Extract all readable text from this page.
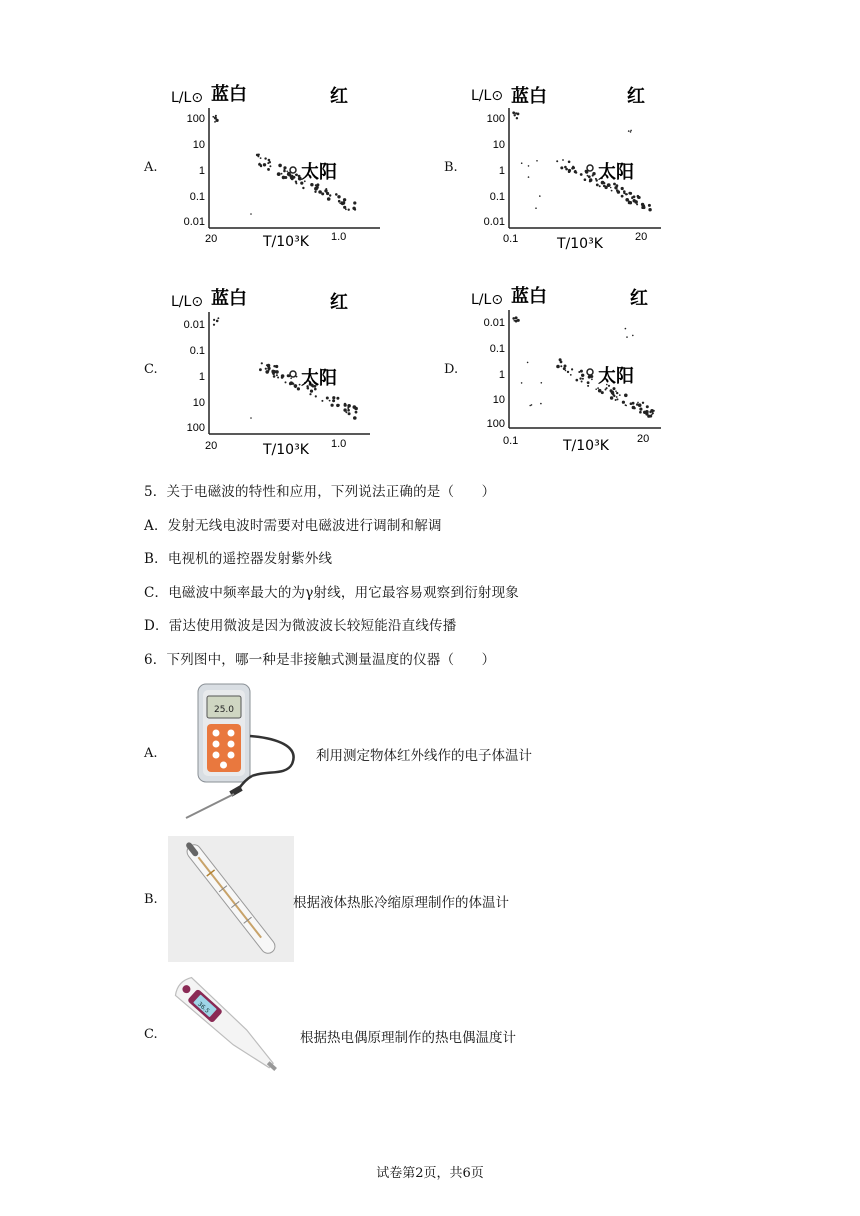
A.	B.
C.	D.
L/L⊙ 蓝白	红
100
10
1
0.1
0.01
太阳
20	T/10³K 1.0
L/L⊙ 蓝白	红
100
10
1
0.1
0.01
太阳
0.1	T/10³K	20
L/L⊙ 蓝白	红
0.01
0.1
1
10
100
太阳
20	T/10³K 1.0
L/L⊙ 蓝白	红
0.01
0.1
1
10
100
太阳
0.1	T/10³K	20
5．关于电磁波的特性和应用，下列说法正确的是（　　）
A．发射无线电波时需要对电磁波进行调制和解调
B．电视机的遥控器发射紫外线
C．电磁波中频率最大的为γ射线，用它最容易观察到衍射现象
D．雷达使用微波是因为微波波长较短能沿直线传播
6．下列图中，哪一种是非接触式测量温度的仪器（　　）
A.
25.0
利用测定物体红外线作的电子体温计
B.	根据液体热胀冷缩原理制作的体温计
C.
36.5
根据热电偶原理制作的热电偶温度计
试卷第2页，共6页
